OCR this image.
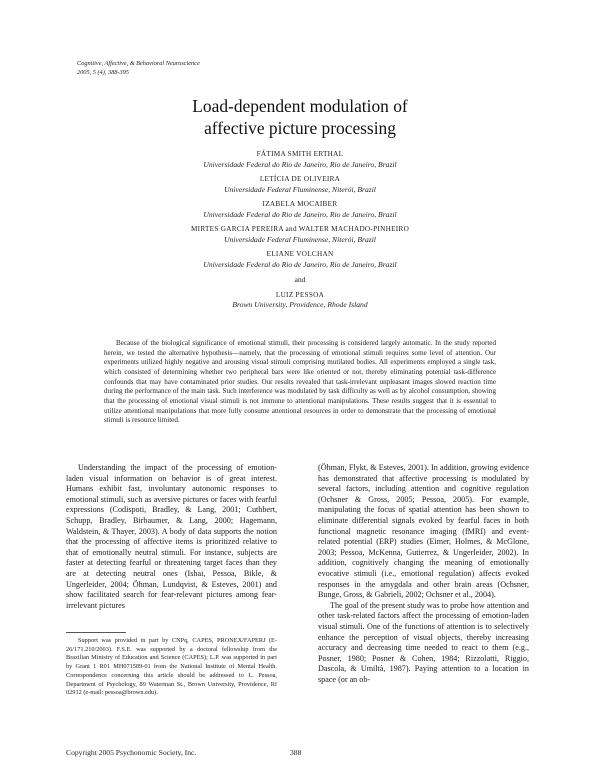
Cognitive, Affective, & Behavioral Neuroscience
2005, 5 (4), 388-395
Load-dependent modulation of
affective picture processing
FÁTIMA SMITH ERTHAL
Universidade Federal do Rio de Janeiro, Rio de Janeiro, Brazil
LETÍCIA DE OLIVEIRA
Universidade Federal Fluminense, Niterói, Brazil
IZABELA MOCAIBER
Universidade Federal do Rio de Janeiro, Rio de Janeiro, Brazil
MIRTES GARCIA PEREIRA and WALTER MACHADO-PINHEIRO
Universidade Federal Fluminense, Niterói, Brazil
ELIANE VOLCHAN
Universidade Federal do Rio de Janeiro, Rio de Janeiro, Brazil
and
LUIZ PESSOA
Brown University, Providence, Rhode Island

Because of the biological significance of emotional stimuli, their processing is considered largely automatic. In the study reported herein, we tested the alternative hypothesis—namely, that the processing of emotional stimuli requires some level of attention. Our experiments utilized highly negative and arousing visual stimuli comprising mutilated bodies. All experiments employed a single task, which consisted of determining whether two peripheral bars were like oriented or not, thereby eliminating potential task-difference confounds that may have contaminated prior studies. Our results revealed that task-irrelevant unpleasant images slowed reaction time during the performance of the main task. Such interference was modulated by task difficulty as well as by alcohol consumption, showing that the processing of emotional visual stimuli is not immune to attentional manipulations. These results suggest that it is essential to utilize attentional manipulations that more fully consume attentional resources in order to demonstrate that the processing of emotional stimuli is resource limited.

Understanding the impact of the processing of emotion-laden visual information on behavior is of great interest. Humans exhibit fast, involuntary autonomic responses to emotional stimuli, such as aversive pictures or faces with fearful expressions (Codispoti, Bradley, & Lang, 2001; Cuthbert, Schupp, Bradley, Birbaumer, & Lang, 2000; Hagemann, Waldstein, & Thayer, 2003). A body of data supports the notion that the processing of affective items is prioritized relative to that of emotionally neutral stimuli. For instance, subjects are faster at detecting fearful or threatening target faces than they are at detecting neutral ones (Ishai, Pessoa, Bikle, & Ungerleider, 2004; Öhman, Lundqvist, & Esteves, 2001) and show facilitated search for fear-relevant pictures among fear-irrelevant pictures

(Öhman, Flykt, & Esteves, 2001). In addition, growing evidence has demonstrated that affective processing is modulated by several factors, including attention and cognitive regulation (Ochsner & Gross, 2005; Pessoa, 2005). For example, manipulating the focus of spatial attention has been shown to eliminate differential signals evoked by fearful faces in both functional magnetic resonance imaging (fMRI) and event-related potential (ERP) studies (Eimer, Holmes, & McGlone, 2003; Pessoa, McKenna, Gutierrez, & Ungerleider, 2002). In addition, cognitively changing the meaning of emotionally evocative stimuli (i.e., emotional regulation) affects evoked responses in the amygdala and other brain areas (Ochsner, Bunge, Gross, & Gabrieli, 2002; Ochsner et al., 2004).

The goal of the present study was to probe how attention and other task-related factors affect the processing of emotion-laden visual stimuli. One of the functions of attention is to selectively enhance the perception of visual objects, thereby increasing accuracy and decreasing time needed to react to them (e.g., Posner, 1980; Posner & Cohen, 1984; Rizzolatti, Riggio, Dascola, & Umiltà, 1987). Paying attention to a location in space (or an ob-

Support was provided in part by CNPq, CAPES, PRONEX/FAPERJ (E-26/171.210/2003). F.S.E. was supported by a doctoral fellowship from the Brazilian Ministry of Education and Science (CAPES); L.P. was supported in part by Grant 1 R01 MH071589-01 from the National Institute of Mental Health. Correspondence concerning this article should be addressed to L. Pessoa, Department of Psychology, 89 Waterman St., Brown University, Providence, RI 02912 (e-mail: pessoa@brown.edu).

Copyright 2005 Psychonomic Society, Inc.	388
